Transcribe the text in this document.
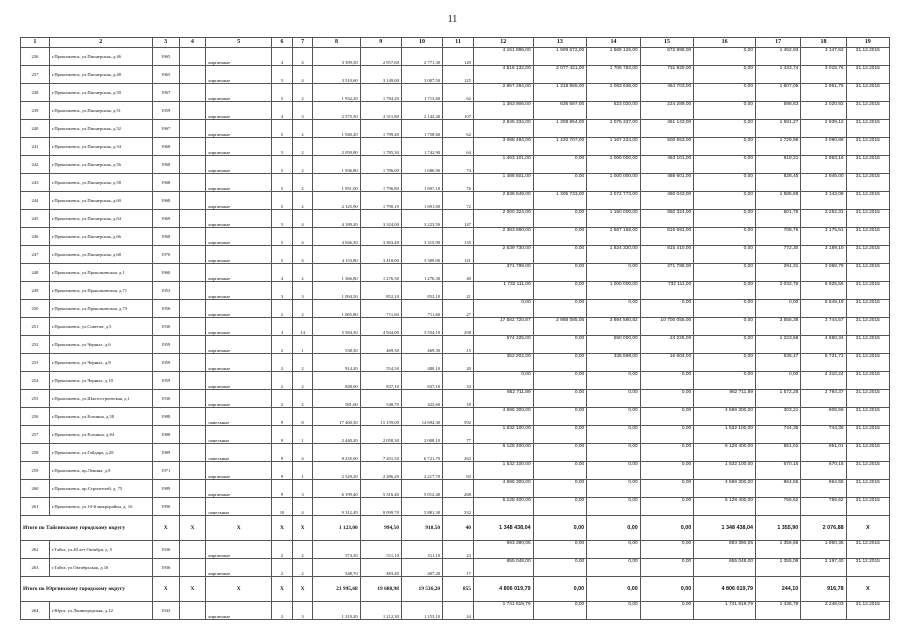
11
1	2	3	4	5	6	7	8	9	10	11	12	13	14	15	16	17	18	19
236	г.Прокопьевск, ул.Пионерская, д.46	1965		кирпичные	4	4	3 399,50	2 957,60	2 771,30	120	4 151 896,00	1 909 672,00	1 569 126,00	672 898,00	0,00	1 452,93	3 147,62	31.12.2015
237	г.Прокопьевск, ул.Пионерская, д.48	1965		кирпичные	5	4	3 510,60	3 149,00	3 007,50	125	4 516 132,00	2 077 421,00	1 706 782,00	731 929,00	0,00	1 433,74	3 015,76	31.12.2015
238	г.Прокопьевск, ул.Пионерская, д.50	1967		кирпичные	5	2	1 932,20	1 784,20	1 713,60	62	2 867 294,00	1 318 955,00	1 083 636,00	464 703,00	0,00	1 607,05	2 951,75	31.12.2015
239	г.Прокопьевск, ул.Пионерская, д.51	1959		кирпичные	4	3	2 575,50	2 311,80	2 142,40	107	1 383 906,00	636 597,00	523 020,00	224 289,00	0,00	598,63	2 020,92	31.12.2015
240	г.Прокопьевск, ул.Пионерская, д.52	1967		кирпичные	5	2	1 940,20	1 799,40	1 758,60	62	2 845 334,00	1 308 854,00	1 075 337,00	461 143,00	0,00	1 581,27	2 939,12	31.12.2015
241	г.Прокопьевск, ул.Пионерская, д.54	1968		кирпичные	5	2	2 059,80	1 785,30	1 742,90	64	3 088 494,00	1 420 707,00	1 167 234,00	500 553,00	0,00	1 729,96	3 090,88	31.12.2015
242	г.Прокопьевск, ул.Пионерская, д.56	1968		кирпичные	5	2	1 936,80	1 786,00	1 686,90	74	1 463 101,00	0,00	1 000 000,00	463 101,00	0,00	819,21	2 963,16	31.12.2015
243	г.Прокопьевск, ул.Пионерская, д.58	1968		кирпичные	5	2	1 951,00	1 796,80	1 697,10	76	1 488 601,00	0,00	1 000 000,00	488 601,00	0,00	828,45	2 946,00	31.12.2015
244	г.Прокопьевск, ул.Пионерская, д.60	1968		кирпичные	5	2	2 125,90	1 790,10	1 691,60	72	2 838 549,00	1 305 733,00	1 072 773,00	460 043,00	0,00	1 585,69	3 143,08	31.12.2015
245	г.Прокопьевск, ул.Пионерская, д.64	1969		кирпичные	5	4	4 189,20	3 324,00	3 223,50	147	2 000 324,00	0,00	1 150 000,00	850 324,00	0,00	601,78	3 252,31	31.12.2015
246	г.Прокопьевск, ул.Пионерская, д.66	1968		кирпичные	5	4	4 046,30	3 363,40	3 315,90	135	2 383 860,00	0,00	1 567 169,00	816 691,00	0,00	708,76	3 175,61	31.12.2015
247	г.Прокопьевск, ул.Пионерская, д.68	1970		кирпичные	5	4	4 153,80	3 418,00	3 309,00	141	2 639 730,00	0,00	1 824 320,00	815 410,00	0,00	772,30	3 189,10	31.12.2015
248	г.Прокопьевск, ул.Прокопьевская, д.1	1960		кирпичные	4	2	1 366,80	1 276,30	1 276,30	40	371 798,00	0,00	0,00	371 798,00	0,00	291,31	3 068,79	31.12.2015
249	г.Прокопьевск, ул.Прокопьевская, д.71	1953		кирпичные	3	3	1 094,50	852,10	852,10	21	1 732 111,00	0,00	1 000 000,00	732 111,00	0,00	2 032,76	6 925,55	31.12.2015
250	г.Прокопьевск, ул.Прокопьевская, д.73	1956		кирпичные	2	2	1 065,80	711,60	711,60	27	0,00	0,00	0,00	0,00	0,00	0,00	5 649,19	31.12.2015
251	г.Прокопьевск, ул.Советов, д.5	1930		кирпичные	3	14	5 584,30	4 944,00	3 554,10	208	17 582 720,87	2 988 085,05	3 894 580,82	10 700 055,00	0,00	3 556,38	3 744,57	31.12.2015
252	г.Прокопьевск, ул.Черных, д.6	1959		кирпичные	2	1	538,30	469,30	469,30	15	574 225,00	0,00	550 000,00	24 225,00	0,00	1 223,58	4 690,34	31.12.2015
253	г.Прокопьевск, ул.Черных, д.8	1959		кирпичные	2	2	914,20	554,50	480,10	20	352 202,00	0,00	335 598,00	16 604,00	0,00	635,17	6 731,71	31.12.2015
254	г.Прокопьевск, ул.Черных, д.10	1959		кирпичные	2	2	848,00	837,10	837,10	33	0,00	0,00	0,00	0,00	0,00	0,00	4 310,24	31.12.2015
255	г.Прокопьевск, ул.Шахтостроевская, д.1	1930		кирпичные	2	2	581,60	548,70	422,60	18	862 711,89	0,00	0,00	0,00	862 711,89	1 572,28	2 784,37	31.12.2015
256	г.Прокопьевск, ул.Есенина, д.58	1988		панельные	9	8	17 460,30	15 159,00	14 694,30	592	4 596 300,00	0,00	0,00	0,00	4 596 300,00	303,21	808,56	31.12.2015
257	г.Прокопьевск, ул.Есенина, д.84	1988		панельные	9	1	2 440,20	2 058,30	2 008,10	77	1 532 100,00	0,00	0,00	0,00	1 532 100,00	744,35	744,35	31.12.2015
258	г.Прокопьевск, ул.Гайдара, д.28	1989		панельные	9	4	8 235,00	7 201,50	6 721,70	263	6 128 400,00	0,00	0,00	0,00	6 128 400,00	851,01	851,01	31.12.2015
259	г.Прокопьевск, пр.Ленина, д.9	1971		кирпичные	9	1	2 529,20	2 286,20	2 217,70	83	1 532 100,00	0,00	0,00	0,00	1 532 100,00	670,15	670,15	31.12.2015
260	г.Прокопьевск, пр.Строителей, д. 75	1989		кирпичные	9	3	6 199,40	5 316,40	5 012,40	268	4 596 300,00	0,00	0,00	0,00	4 596 300,00	864,55	864,55	31.12.2015
261	г.Прокопьевск, ул.10-й микрорайон, д. 16	1990		панельные	10	4	9 312,49	8 099,70	5 881,30	332	6 128 400,00	0,00	0,00	0,00	6 128 400,00	756,62	756,62	31.12.2015
Итого по Тайгинскому городскому округу		X	X	X	X	X	1 123,00	994,50	918,50	40	1 348 438,04	0,00	0,00	0,00	1 348 438,04	1 355,90	2 076,88	X
262	г.Тайга, ул.40 лет Октября, д. 5	1936		кирпичные	2	2	574,30	511,10	511,10	23	693 390,05	0,00	0,00	0,00	693 390,05	1 356,66	1 960,35	31.12.2015
263	г.Тайга, ул.Октябрьская, д.16	1936		кирпичные	2	2	548,70	483,40	407,20	17	655 048,00	0,00	0,00	0,00	655 048,00	1 355,08	2 197,40	31.12.2015
Итого по Юргинскому городскому округу		X	X	X	X	X	21 995,68	19 688,98	19 536,20	855	4 806 019,79	0,00	0,00	0,00	4 806 019,79	244,10	916,78	X
264	г.Юрга, ул.Ленинградская, д.12	1943		кирпичные	2	3	1 319,20	1 212,30	1 153,10	44	1 741 819,79	0,00	0,00	0,00	1 741 819,79	1 436,79	2 248,03	31.12.2015
